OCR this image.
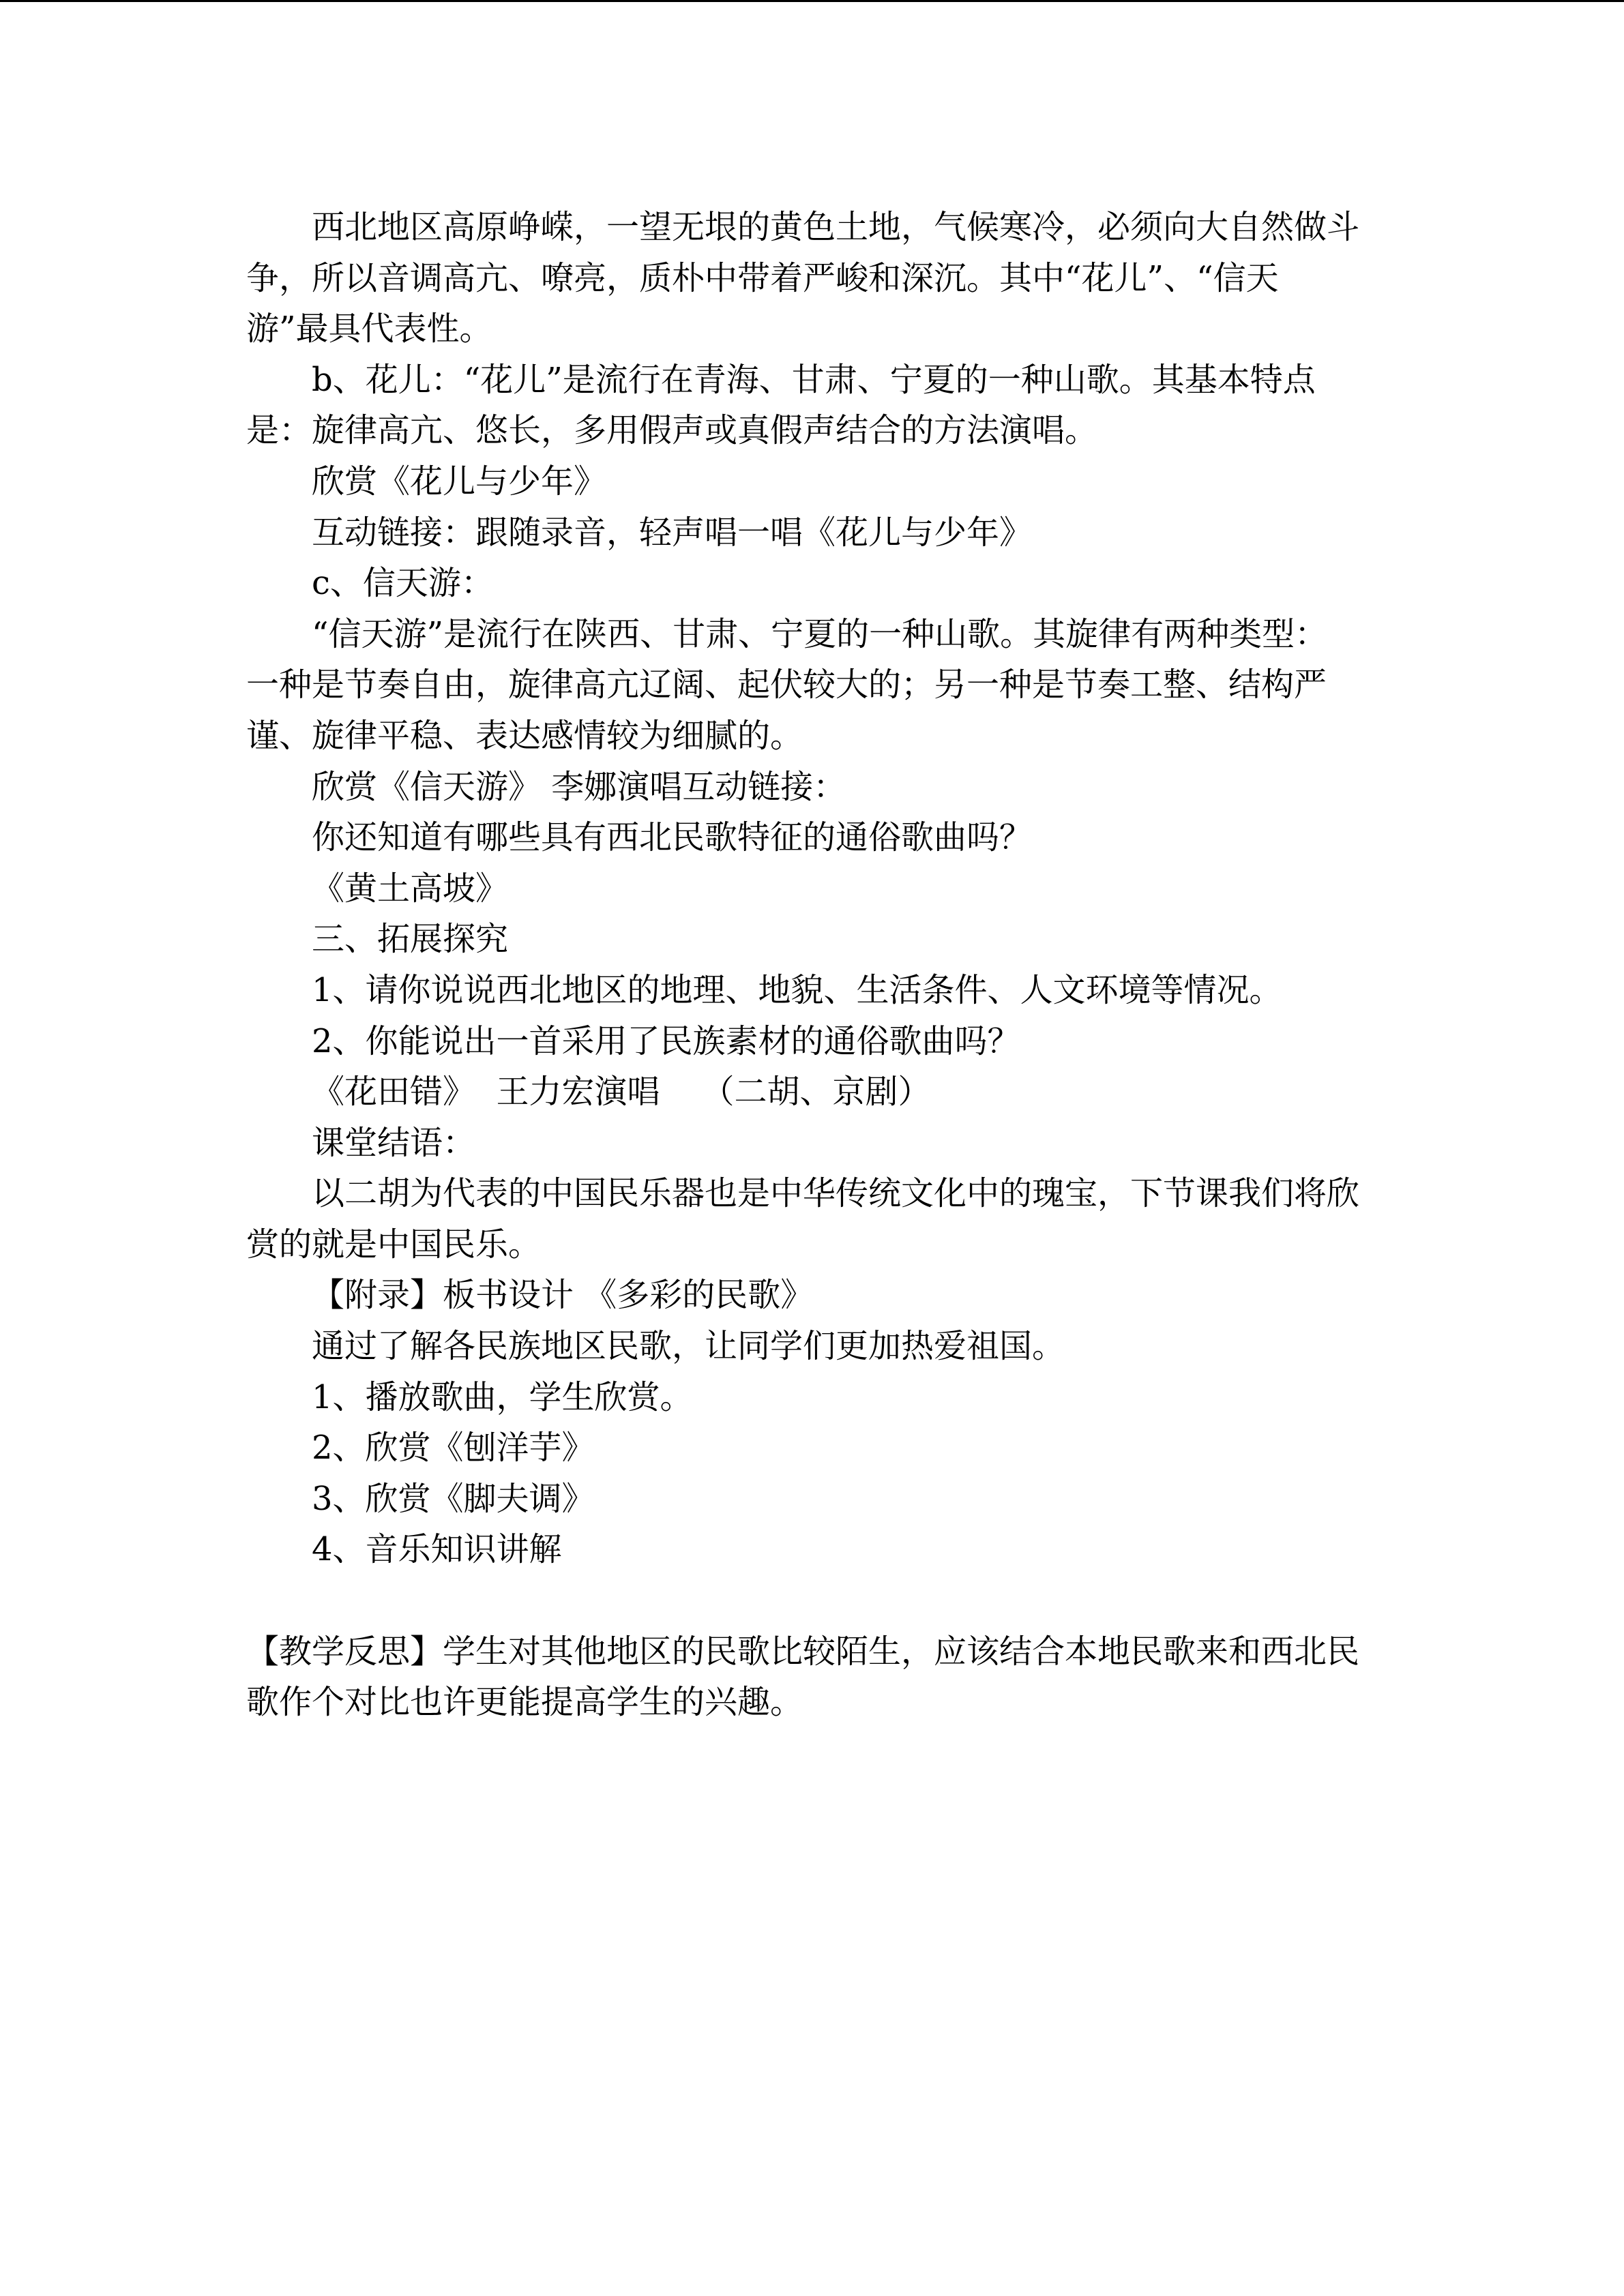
西北地区高原峥嵘，一望无垠的黄色土地，气候寒冷，必须向大自然做斗
争，所以音调高亢、嘹亮，质朴中带着严峻和深沉。其中“花儿”、“信天
游”最具代表性。
b、花儿：“花儿”是流行在青海、甘肃、宁夏的一种山歌。其基本特点
是：旋律高亢、悠长，多用假声或真假声结合的方法演唱。
欣赏《花儿与少年》
互动链接：跟随录音，轻声唱一唱《花儿与少年》
c、信天游：
“信天游”是流行在陕西、甘肃、宁夏的一种山歌。其旋律有两种类型：
一种是节奏自由，旋律高亢辽阔、起伏较大的；另一种是节奏工整、结构严
谨、旋律平稳、表达感情较为细腻的。
欣赏《信天游》 李娜演唱互动链接：
你还知道有哪些具有西北民歌特征的通俗歌曲吗？
《黄土高坡》
三、拓展探究
1、请你说说西北地区的地理、地貌、生活条件、人文环境等情况。
2、你能说出一首采用了民族素材的通俗歌曲吗？
《花田错》  王力宏演唱    （二胡、京剧）
课堂结语：
以二胡为代表的中国民乐器也是中华传统文化中的瑰宝，下节课我们将欣
赏的就是中国民乐。
【附录】板书设计 《多彩的民歌》
通过了解各民族地区民歌，让同学们更加热爱祖国。
1、播放歌曲，学生欣赏。
2、欣赏《刨洋芋》
3、欣赏《脚夫调》
4、音乐知识讲解
【教学反思】学生对其他地区的民歌比较陌生，应该结合本地民歌来和西北民
歌作个对比也许更能提高学生的兴趣。
